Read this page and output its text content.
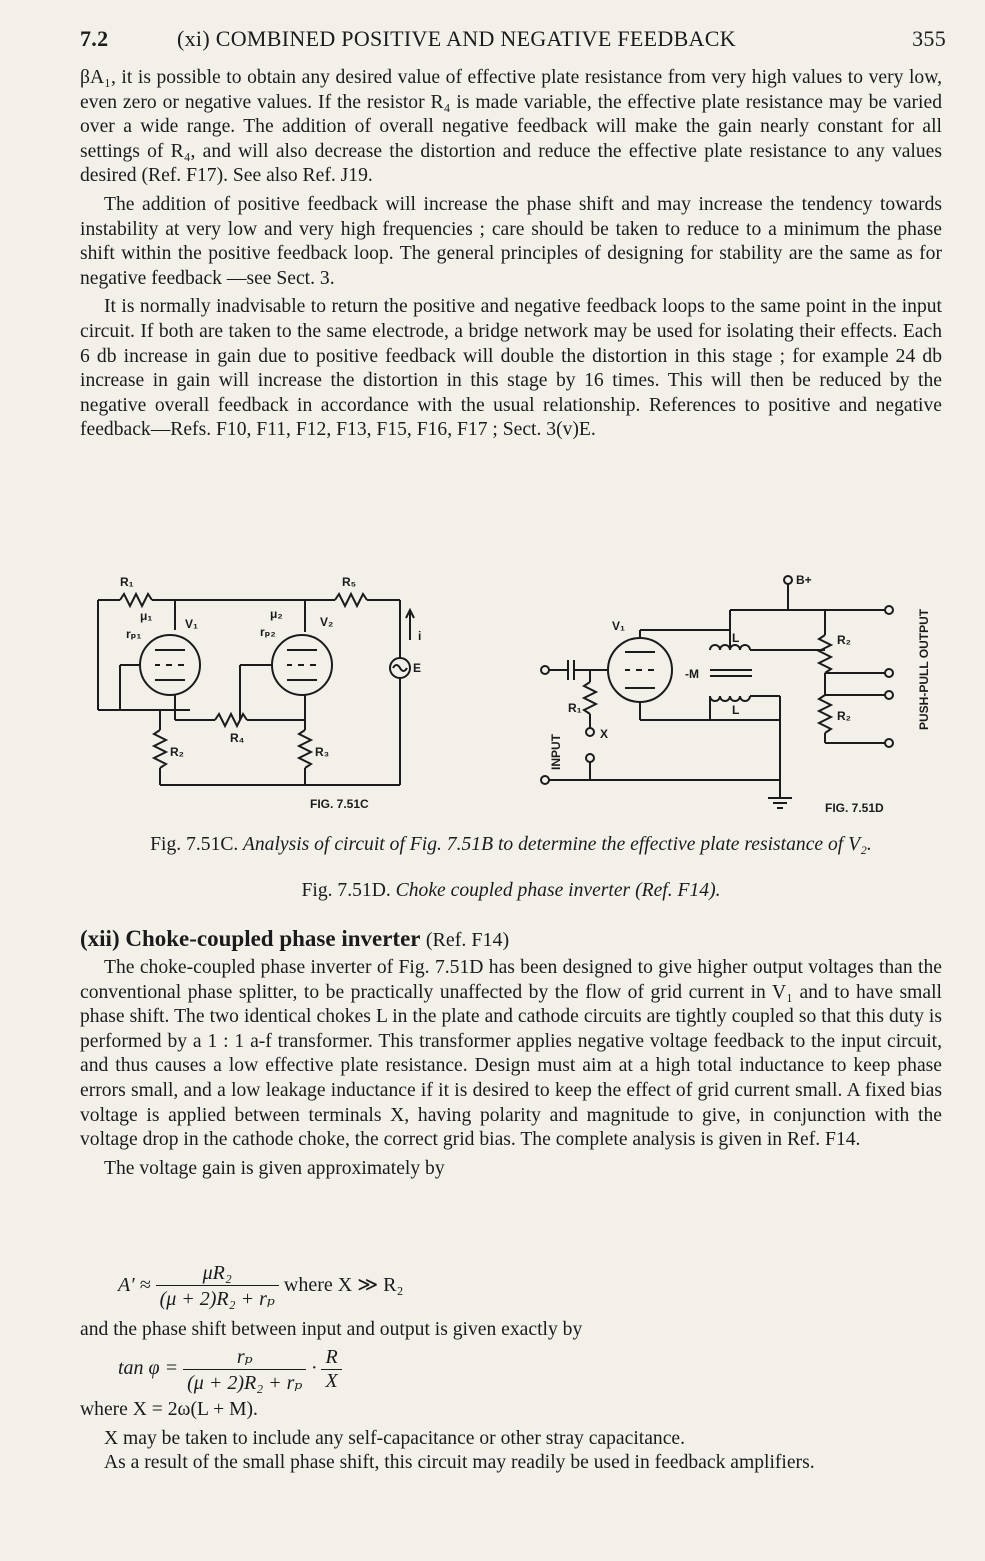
7.2	(xi) COMBINED POSITIVE AND NEGATIVE FEEDBACK	355

βA₁, it is possible to obtain any desired value of effective plate resistance from very high values to very low, even zero or negative values. If the resistor R₄ is made variable, the effective plate resistance may be varied over a wide range. The addition of overall negative feedback will make the gain nearly constant for all settings of R₄, and will also decrease the distortion and reduce the effective plate resistance to any values desired (Ref. F17). See also Ref. J19.

The addition of positive feedback will increase the phase shift and may increase the tendency towards instability at very low and very high frequencies ; care should be taken to reduce to a minimum the phase shift within the positive feedback loop. The general principles of designing for stability are the same as for negative feedback —see Sect. 3.

It is normally inadvisable to return the positive and negative feedback loops to the same point in the input circuit. If both are taken to the same electrode, a bridge network may be used for isolating their effects. Each 6 db increase in gain due to positive feedback will double the distortion in this stage ; for example 24 db increase in gain will increase the distortion in this stage by 16 times. This will then be reduced by the negative overall feedback in accordance with the usual relationship. References to positive and negative feedback—Refs. F10, F11, F12, F13, F15, F16, F17 ; Sect. 3(v)E.

R₁	R₅
μ₁
rₚ₁
V₁
μ₂
rₚ₂
V₂
R₄
R₂	R₃
i
E
FIG. 7.51C
B+
V₁
L
-M
L
R₂
R₂
R₁
X
INPUT
PUSH-PULL OUTPUT
FIG. 7.51D
Fig. 7.51C. Analysis of circuit of Fig. 7.51B to determine the effective plate resistance of V₂.
Fig. 7.51D. Choke coupled phase inverter (Ref. F14).
(xii) Choke-coupled phase inverter (Ref. F14)

The choke-coupled phase inverter of Fig. 7.51D has been designed to give higher output voltages than the conventional phase splitter, to be practically unaffected by the flow of grid current in V₁ and to have small phase shift. The two identical chokes L in the plate and cathode circuits are tightly coupled so that this duty is performed by a 1 : 1 a-f transformer. This transformer applies negative voltage feedback to the input circuit, and thus causes a low effective plate resistance. Design must aim at a high total inductance to keep phase errors small, and a low leakage inductance if it is desired to keep the effect of grid current small. A fixed bias voltage is applied between terminals X, having polarity and magnitude to give, in conjunction with the voltage drop in the cathode choke, the correct grid bias. The complete analysis is given in Ref. F14.

The voltage gain is given approximately by

$A' \approx \frac{\text{μR₂}}{\text{(μ + 2)R₂ + rₚ}}$ where X ≫ R₂

and the phase shift between input and output is given exactly by

$\tan \varphi = \frac{\text{rₚ}}{\text{(μ + 2)R₂ + rₚ}} \cdot \frac{R}{X}$

where X = 2ω(L + M).

X may be taken to include any self-capacitance or other stray capacitance.

As a result of the small phase shift, this circuit may readily be used in feedback amplifiers.
